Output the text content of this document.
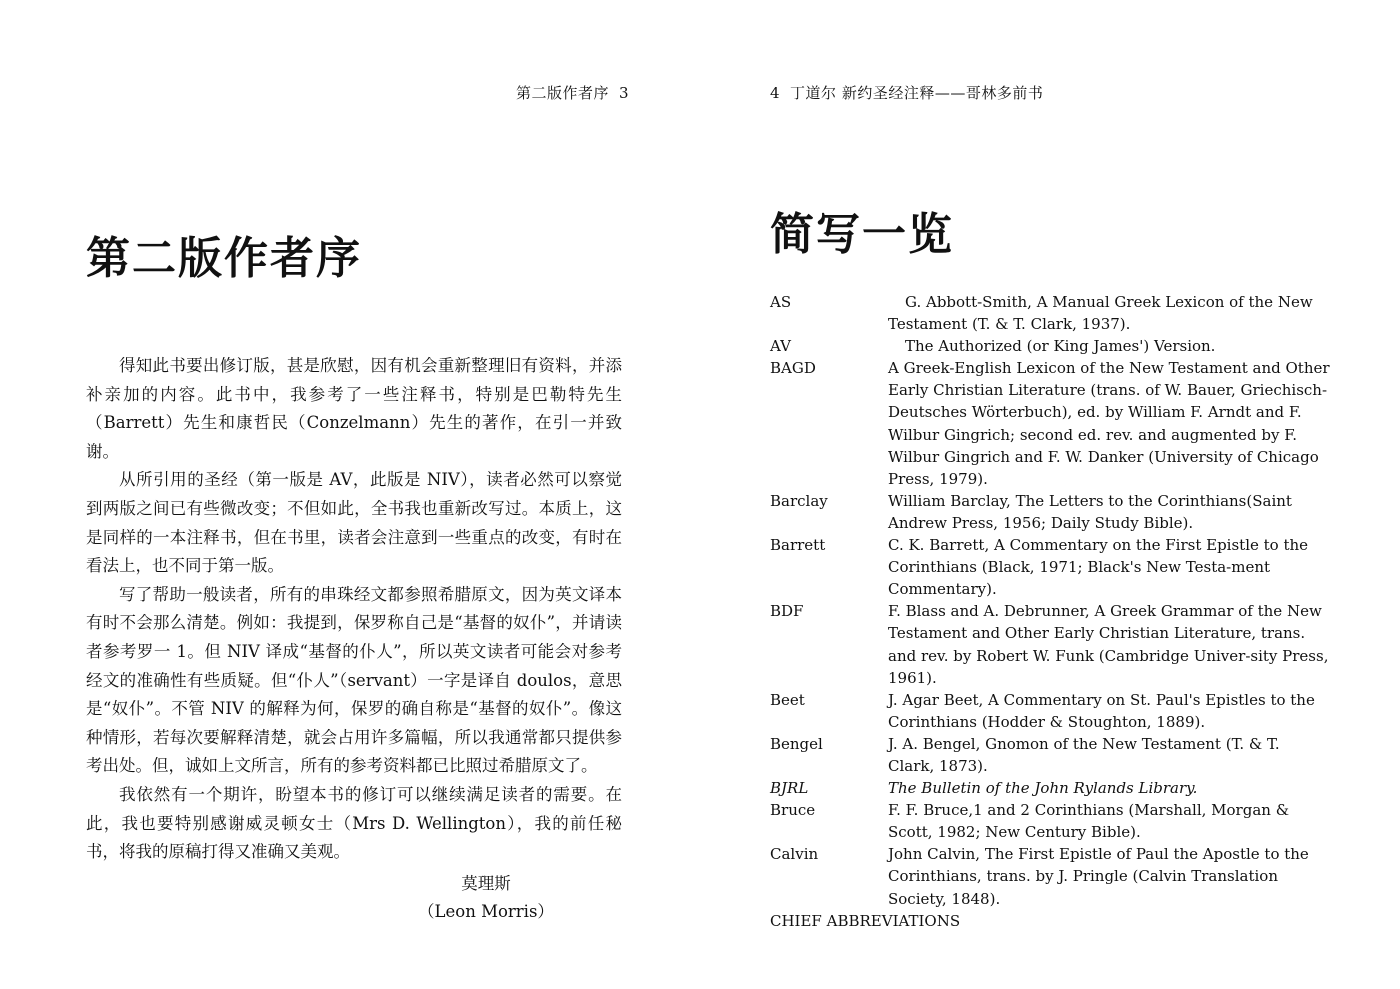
第二版作者序 3
第二版作者序

得知此书要出修订版，甚是欣慰，因有机会重新整理旧有资料，并添补亲加的内容。此书中，我参考了一些注释书，特别是巴勒特先生（Barrett）先生和康哲民（Conzelmann）先生的著作，在引一并致谢。

从所引用的圣经（第一版是 AV，此版是 NIV），读者必然可以察觉到两版之间已有些微改变；不但如此，全书我也重新改写过。本质上，这是同样的一本注释书，但在书里，读者会注意到一些重点的改变，有时在看法上，也不同于第一版。

写了帮助一般读者，所有的串珠经文都参照希腊原文，因为英文译本有时不会那么清楚。例如：我提到，保罗称自己是“基督的奴仆”，并请读者参考罗一 1。但 NIV 译成“基督的仆人”，所以英文读者可能会对参考经文的准确性有些质疑。但“仆人”（servant）一字是译自 doulos，意思是“奴仆”。不管 NIV 的解释为何，保罗的确自称是“基督的奴仆”。像这种情形，若每次要解释清楚，就会占用许多篇幅，所以我通常都只提供参考出处。但，诚如上文所言，所有的参考资料都已比照过希腊原文了。

我依然有一个期许，盼望本书的修订可以继续满足读者的需要。在此，我也要特别感谢威灵顿女士（Mrs D. Wellington），我的前任秘书，将我的原稿打得又准确又美观。

莫理斯
（Leon Morris）
4 丁道尔 新约圣经注释——哥林多前书
简写一览
AS	G. Abbott-Smith, A Manual Greek Lexicon of the New Testament (T. & T. Clark, 1937).
AV	The Authorized (or King James') Version.
BAGD	A Greek-English Lexicon of the New Testament and Other Early Christian Literature (trans. of W. Bauer, Griechisch-Deutsches Wörterbuch), ed. by William F. Arndt and F. Wilbur Gingrich; second ed. rev. and augmented by F. Wilbur Gingrich and F. W. Danker (University of Chicago Press, 1979).
Barclay	William Barclay, The Letters to the Corinthians(Saint Andrew Press, 1956; Daily Study Bible).
Barrett	C. K. Barrett, A Commentary on the First Epistle to the Corinthians (Black, 1971; Black's New Testa-ment Commentary).
BDF	F. Blass and A. Debrunner, A Greek Grammar of the New Testament and Other Early Christian Literature, trans. and rev. by Robert W. Funk (Cambridge Univer-sity Press, 1961).
Beet	J. Agar Beet, A Commentary on St. Paul's Epistles to the Corinthians (Hodder & Stoughton, 1889).
Bengel	J. A. Bengel, Gnomon of the New Testament (T. & T. Clark, 1873).
BJRL	The Bulletin of the John Rylands Library.
Bruce	F. F. Bruce,1 and 2 Corinthians (Marshall, Morgan & Scott, 1982; New Century Bible).
Calvin	John Calvin, The First Epistle of Paul the Apostle to the Corinthians, trans. by J. Pringle (Calvin Translation Society, 1848).
CHIEF ABBREVIATIONS
